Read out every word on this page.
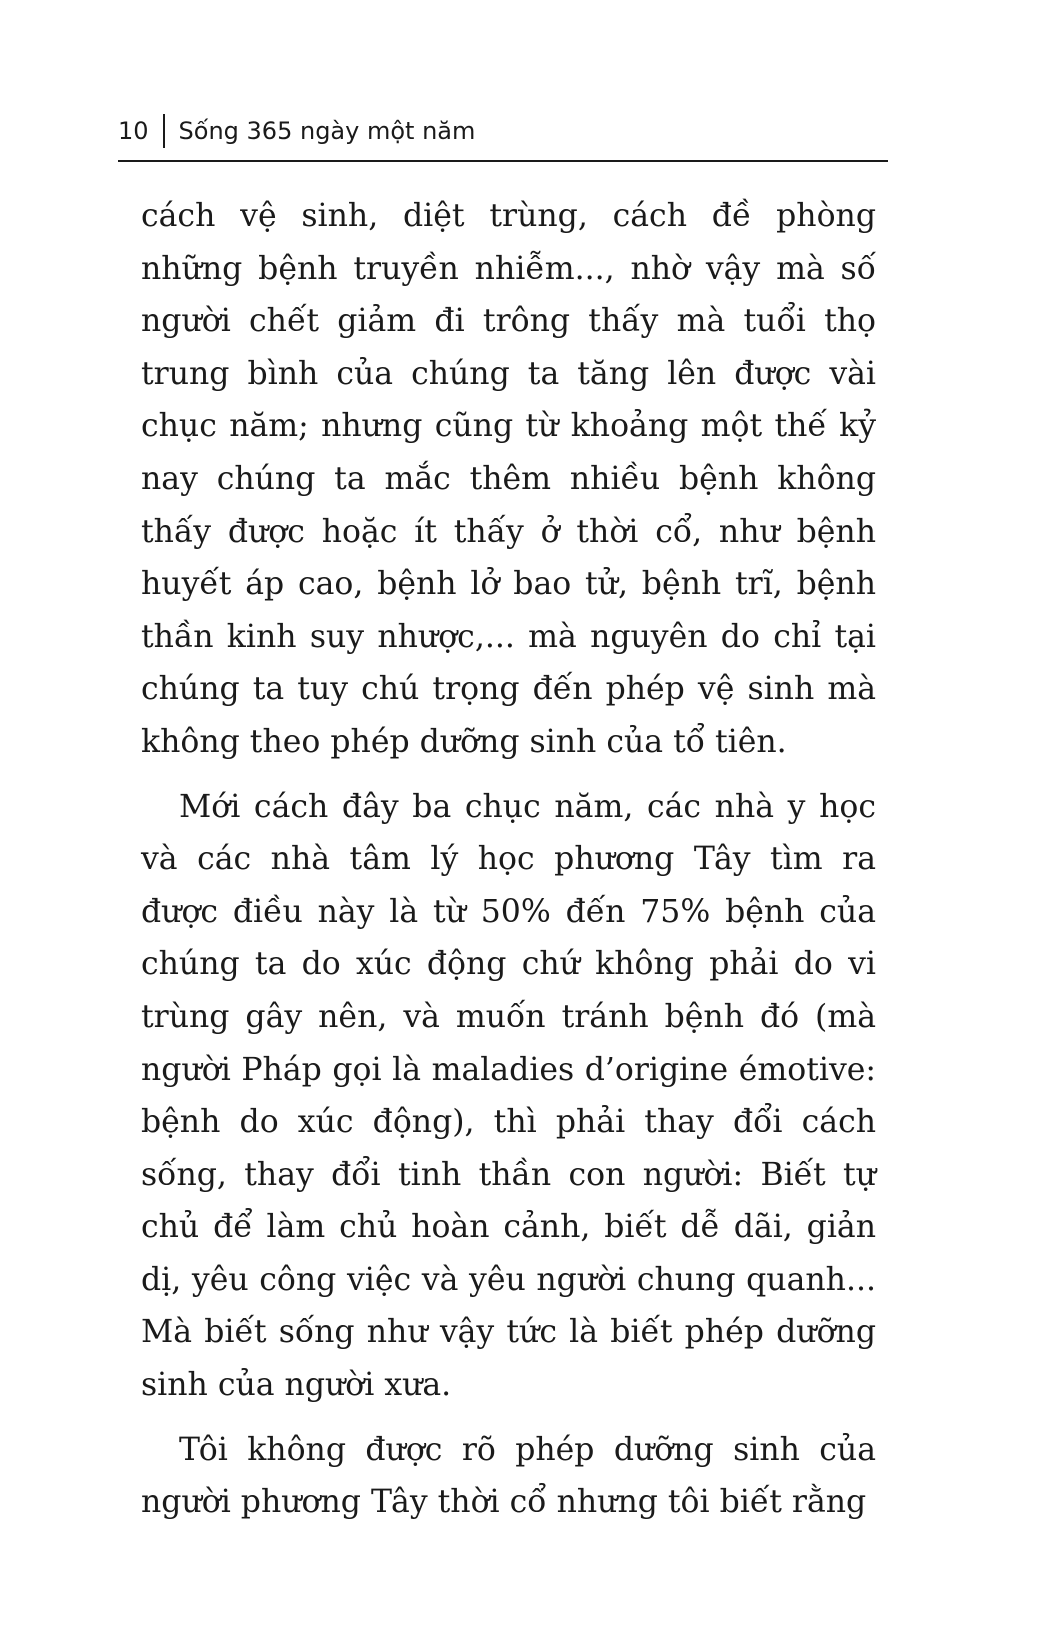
10 Sống 365 ngày một năm

cách vệ sinh, diệt trùng, cách đề phòng những bệnh truyền nhiễm..., nhờ vậy mà số người chết giảm đi trông thấy mà tuổi thọ trung bình của chúng ta tăng lên được vài chục năm; nhưng cũng từ khoảng một thế kỷ nay chúng ta mắc thêm nhiều bệnh không thấy được hoặc ít thấy ở thời cổ, như bệnh huyết áp cao, bệnh lở bao tử, bệnh trĩ, bệnh thần kinh suy nhược,... mà nguyên do chỉ tại chúng ta tuy chú trọng đến phép vệ sinh mà không theo phép dưỡng sinh của tổ tiên.

Mới cách đây ba chục năm, các nhà y học và các nhà tâm lý học phương Tây tìm ra được điều này là từ 50% đến 75% bệnh của chúng ta do xúc động chứ không phải do vi trùng gây nên, và muốn tránh bệnh đó (mà người Pháp gọi là maladies d’origine émotive: bệnh do xúc động), thì phải thay đổi cách sống, thay đổi tinh thần con người: Biết tự chủ để làm chủ hoàn cảnh, biết dễ dãi, giản dị, yêu công việc và yêu người chung quanh... Mà biết sống như vậy tức là biết phép dưỡng sinh của người xưa.

Tôi không được rõ phép dưỡng sinh của người phương Tây thời cổ nhưng tôi biết rằng
